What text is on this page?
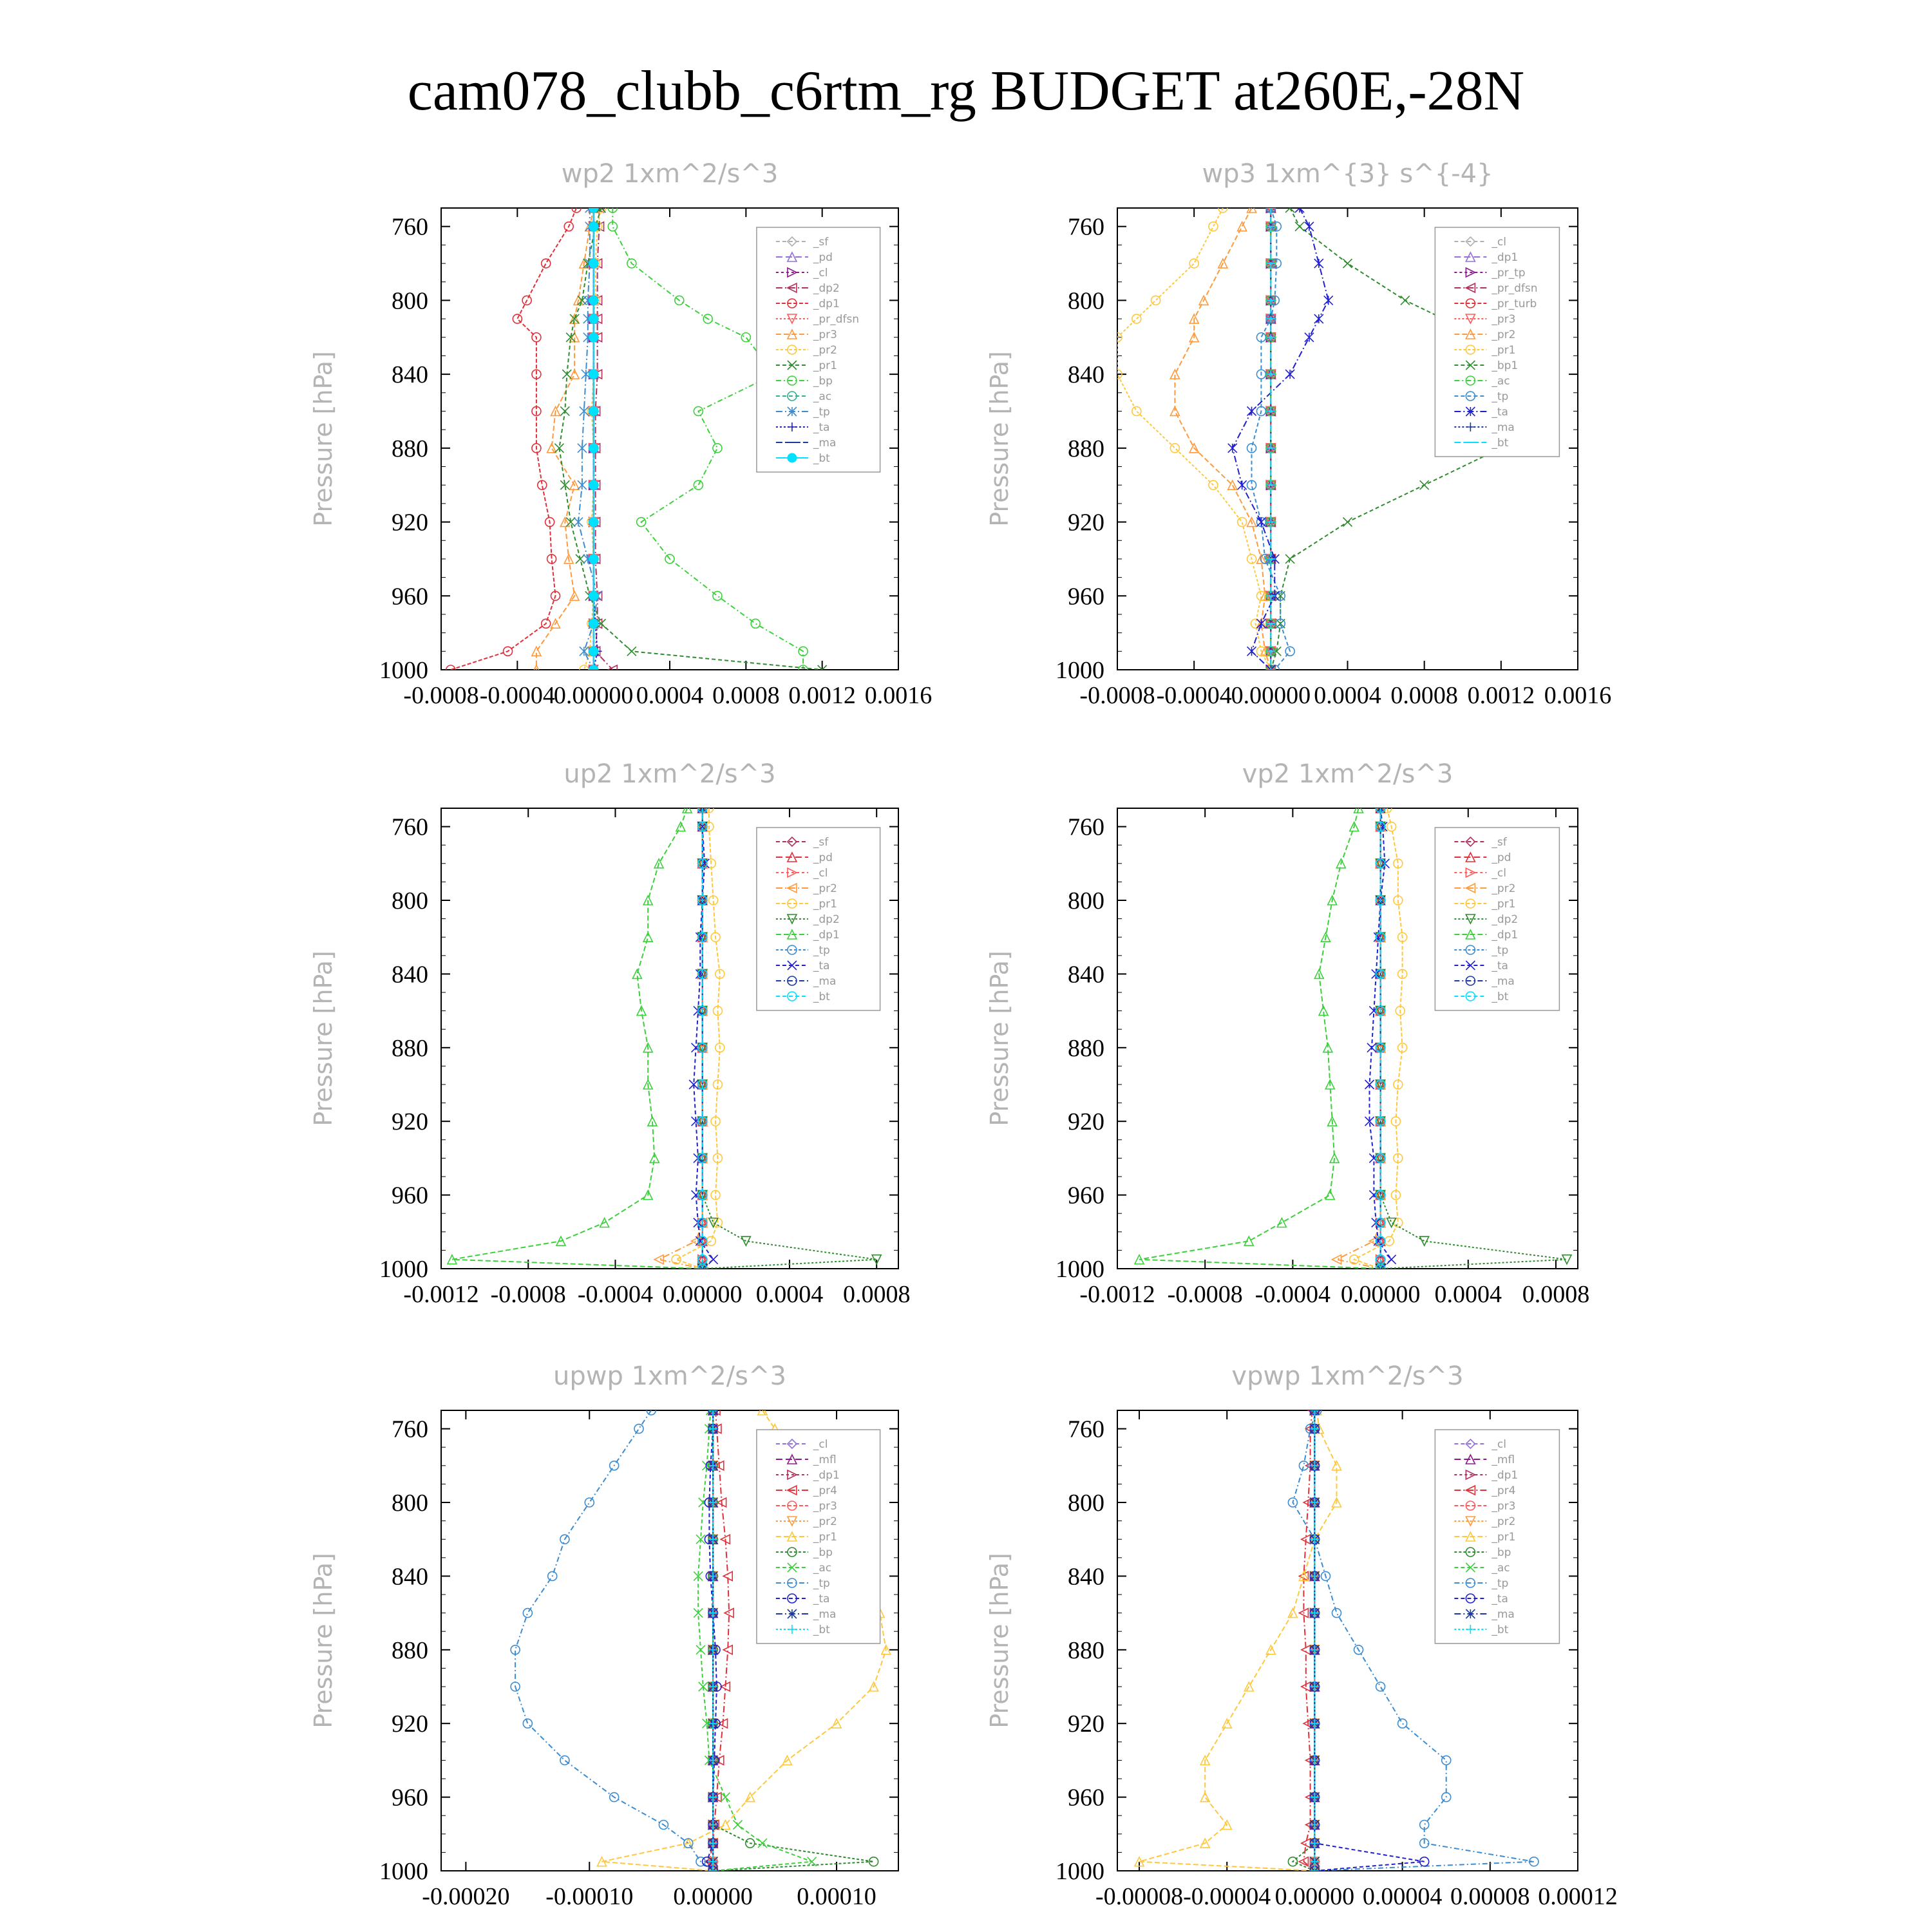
cam078_clubb_c6rtm_rg BUDGET at260E,-28N
wp2 1xm^2/s^3
Pressure [hPa]
760
800
840
880
920
960
1000
-0.0008 -0.0004
0.00000 0.0004 0.0008 0.0012 0.0016
_sf
_pd
_cl
_dp2
_dp1
_pr_dfsn
_pr3
_pr2
_pr1
_bp
_ac
_tp
_ta
_ma
_bt
wp3 1xm^{3} s^{-4}
Pressure [hPa]
760
800
840
880
920
960
1000
-0.0008 -0.0004
0.00000 0.0004 0.0008 0.0012 0.0016
_cl
_dp1
_pr_tp
_pr_dfsn
_pr_turb
_pr3
_pr2
_pr1
_bp1
_ac
_tp
_ta
_ma
_bt
up2 1xm^2/s^3
Pressure [hPa]
760
800
840
880
920
960
1000
-0.0012 -0.0008 -0.0004 0.00000 0.0004 0.0008
_sf
_pd
_cl
_pr2
_pr1
_dp2
_dp1
_tp
_ta
_ma
_bt
vp2 1xm^2/s^3
Pressure [hPa]
760
800
840
880
920
960
1000
-0.0012 -0.0008 -0.0004 0.00000 0.0004 0.0008
_sf
_pd
_cl
_pr2
_pr1
_dp2
_dp1
_tp
_ta
_ma
_bt
upwp 1xm^2/s^3
Pressure [hPa]
760
800
840
880
920
960
1000
-0.00020 -0.00010 0.00000 0.00010
_cl
_mfl
_dp1
_pr4
_pr3
_pr2
_pr1
_bp
_ac
_tp
_ta
_ma
_bt
vpwp 1xm^2/s^3
Pressure [hPa]
760
800
840
880
920
960
1000
-0.00008 -0.00004 0.00000 0.00004 0.00008 0.00012
_cl
_mfl
_dp1
_pr4
_pr3
_pr2
_pr1
_bp
_ac
_tp
_ta
_ma
_bt
